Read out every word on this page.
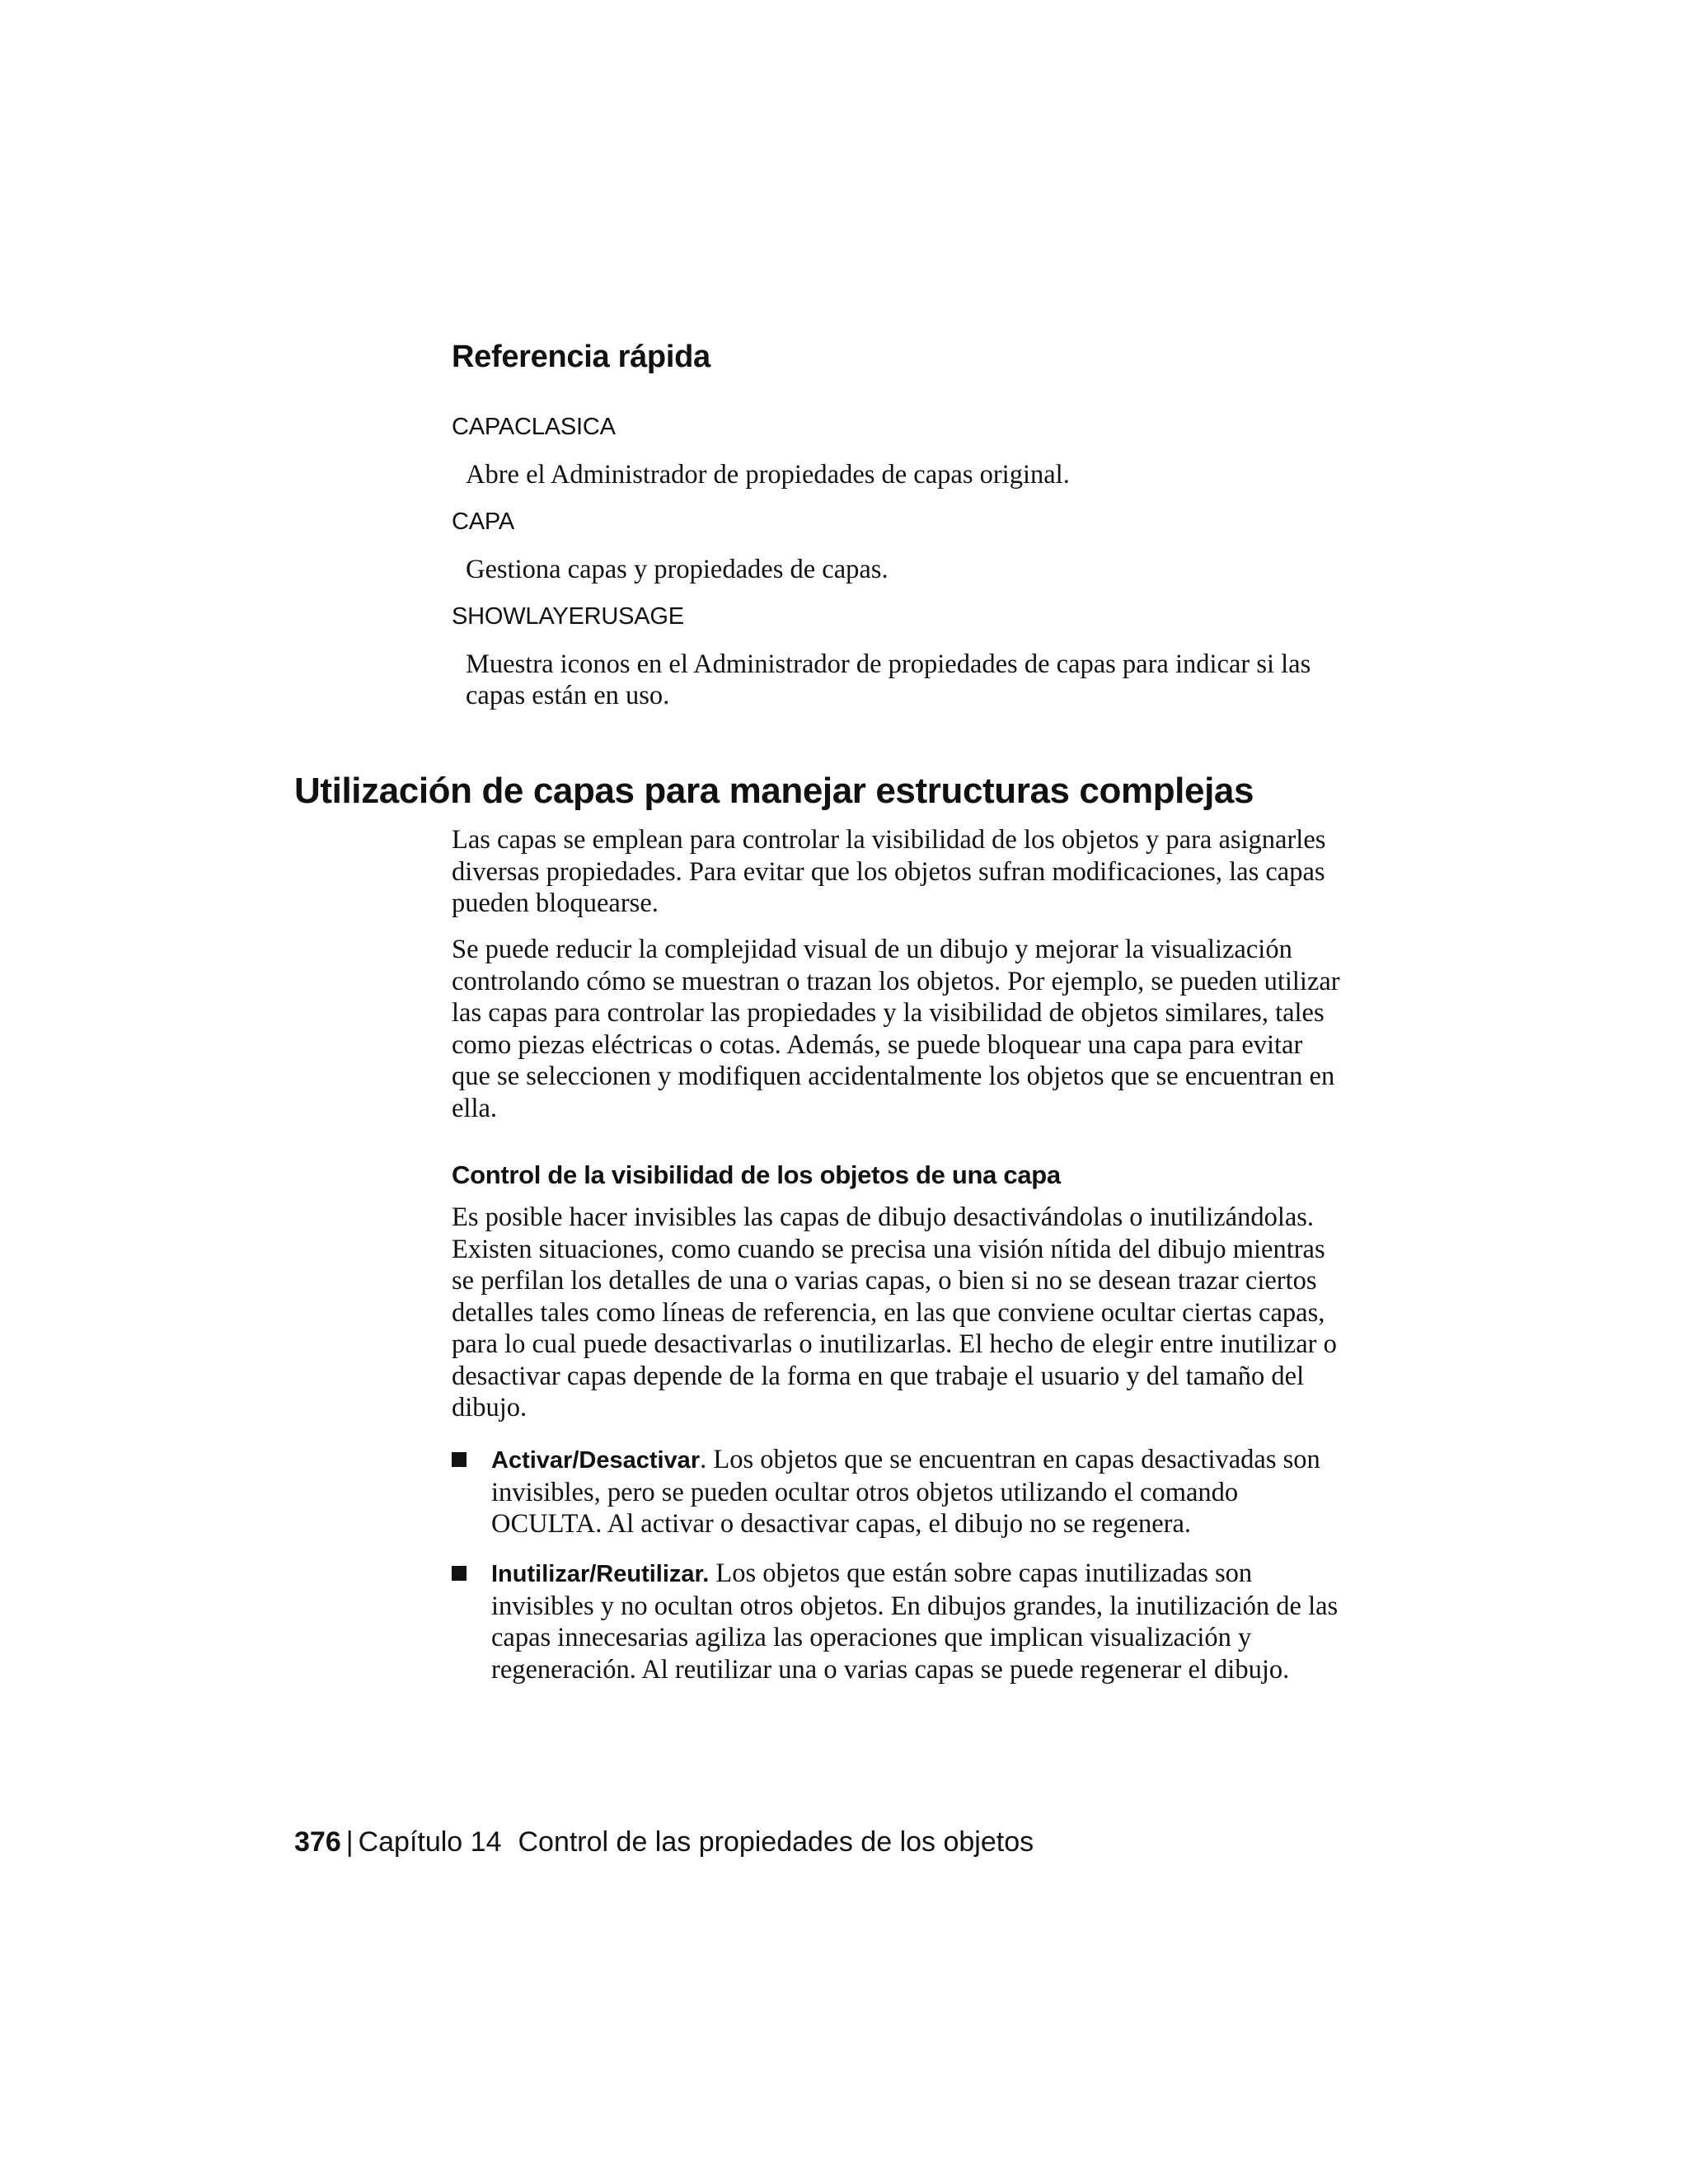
Referencia rápida

CAPACLASICA

Abre el Administrador de propiedades de capas original.

CAPA

Gestiona capas y propiedades de capas.

SHOWLAYERUSAGE

Muestra iconos en el Administrador de propiedades de capas para indicar si las capas están en uso.

Utilización de capas para manejar estructuras complejas

Las capas se emplean para controlar la visibilidad de los objetos y para asignarles diversas propiedades. Para evitar que los objetos sufran modificaciones, las capas pueden bloquearse.

Se puede reducir la complejidad visual de un dibujo y mejorar la visualización controlando cómo se muestran o trazan los objetos. Por ejemplo, se pueden utilizar las capas para controlar las propiedades y la visibilidad de objetos similares, tales como piezas eléctricas o cotas. Además, se puede bloquear una capa para evitar que se seleccionen y modifiquen accidentalmente los objetos que se encuentran en ella.

Control de la visibilidad de los objetos de una capa

Es posible hacer invisibles las capas de dibujo desactivándolas o inutilizándolas. Existen situaciones, como cuando se precisa una visión nítida del dibujo mientras se perfilan los detalles de una o varias capas, o bien si no se desean trazar ciertos detalles tales como líneas de referencia, en las que conviene ocultar ciertas capas, para lo cual puede desactivarlas o inutilizarlas. El hecho de elegir entre inutilizar o desactivar capas depende de la forma en que trabaje el usuario y del tamaño del dibujo.

Activar/Desactivar. Los objetos que se encuentran en capas desactivadas son invisibles, pero se pueden ocultar otros objetos utilizando el comando OCULTA. Al activar o desactivar capas, el dibujo no se regenera.

Inutilizar/Reutilizar. Los objetos que están sobre capas inutilizadas son invisibles y no ocultan otros objetos. En dibujos grandes, la inutilización de las capas innecesarias agiliza las operaciones que implican visualización y regeneración. Al reutilizar una o varias capas se puede regenerar el dibujo.

376 | Capítulo 14 Control de las propiedades de los objetos
